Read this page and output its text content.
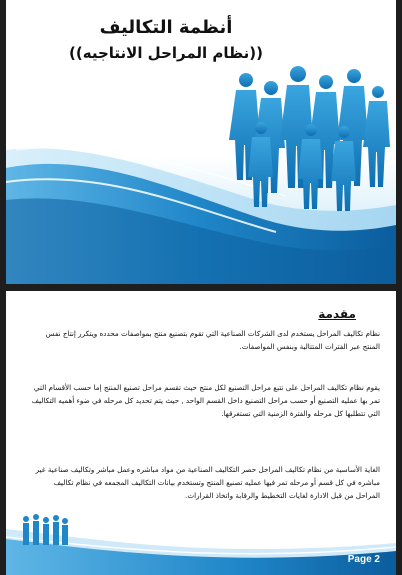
أنظمة التكاليف
((نظام المراحل الانتاجيه))
مقدمة
نظام تكاليف المراحل يستخدم لدى الشركات الصناعية التي تقوم بتصنيع منتج بمواصفات محدده ويتكرر إنتاج نفس المنتج عبر الفترات المتتالية وبنفس المواصفات.
يقوم نظام تكاليف المراحل على تتبع مراحل التصنيع لكل منتج حيث تقسم مراحل تصنيع المنتج إما حسب الأقسام التي تمر بها عمليه التصنيع أو حسب مراحل التصنيع داخل القسم الواحد , حيث يتم تحديد كل مرحله في ضوء أهميه التكاليف التي تتطلبها كل مرحله والفترة الزمنية التي تستغرقها.
الغاية الأساسية من نظام تكاليف المراحل حصر التكاليف الصناعية من مواد مباشره وعمل مباشر وتكاليف صناعية غير مباشره في كل قسم أو مرحله تمر فيها عمليه تصنيع المنتج وتستخدم بيانات التكاليف المجمعه في نظام تكاليف المراحل من قبل الادارة لغايات التخطيط والرقابة واتخاذ القرارات.
Page 2
